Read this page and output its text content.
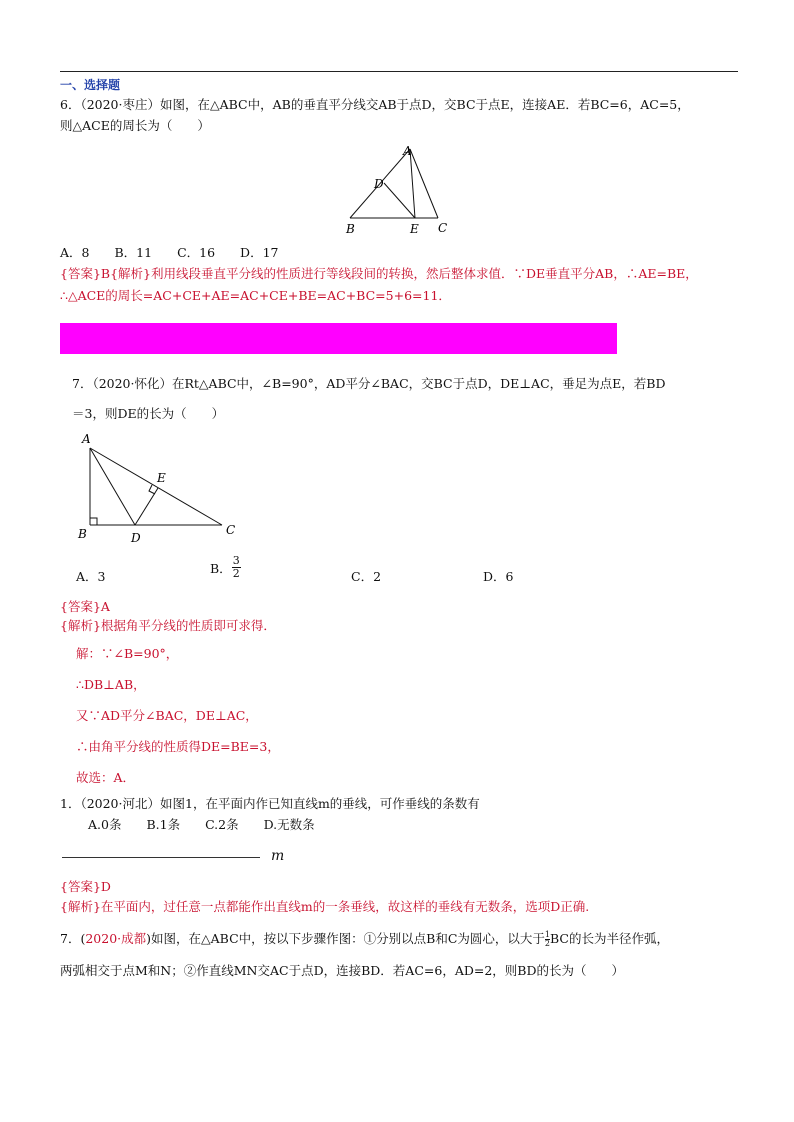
一、选择题
6．（2020·枣庄）如图，在△ABC中，AB的垂直平分线交AB于点D，交BC于点E，连接AE．若BC=6，AC=5，
则△ACE的周长为（　　）
A
D
B	E C
A．8　　B．11　　C．16　　D．17
{答案}B{解析}利用线段垂直平分线的性质进行等线段间的转换，然后整体求值．∵DE垂直平分AB，∴AE=BE，
∴△ACE的周长=AC+CE+AE=AC+CE+BE=AC+BC=5+6=11．
7．（2020·怀化）在Rt△ABC中，∠B=90°，AD平分∠BAC，交BC于点D，DE⊥AC，垂足为点E，若BD
＝3，则DE的长为（　　）
A
E
B	D
C
A．3
B． $\frac{3}{2}$	C．2	D．6
{答案}A
{解析}根据角平分线的性质即可求得．
解：∵∠B=90°，
∴DB⊥AB，
又∵AD平分∠BAC，DE⊥AC，
∴由角平分线的性质得DE=BE=3，
故选：A．
1．（2020·河北）如图1，在平面内作已知直线m的垂线，可作垂线的条数有
A.0条　　B.1条　　C.2条　　D.无数条
m
{答案}D
{解析}在平面内，过任意一点都能作出直线m的一条垂线，故这样的垂线有无数条，选项D正确.
7．(2020·成都)如图，在△ABC中，按以下步骤作图：①分别以点B和C为圆心，以大于 $\frac{1}{2}$ BC的长为半径作弧，
两弧相交于点M和N；②作直线MN交AC于点D，连接BD．若AC=6，AD=2，则BD的长为（　　）
